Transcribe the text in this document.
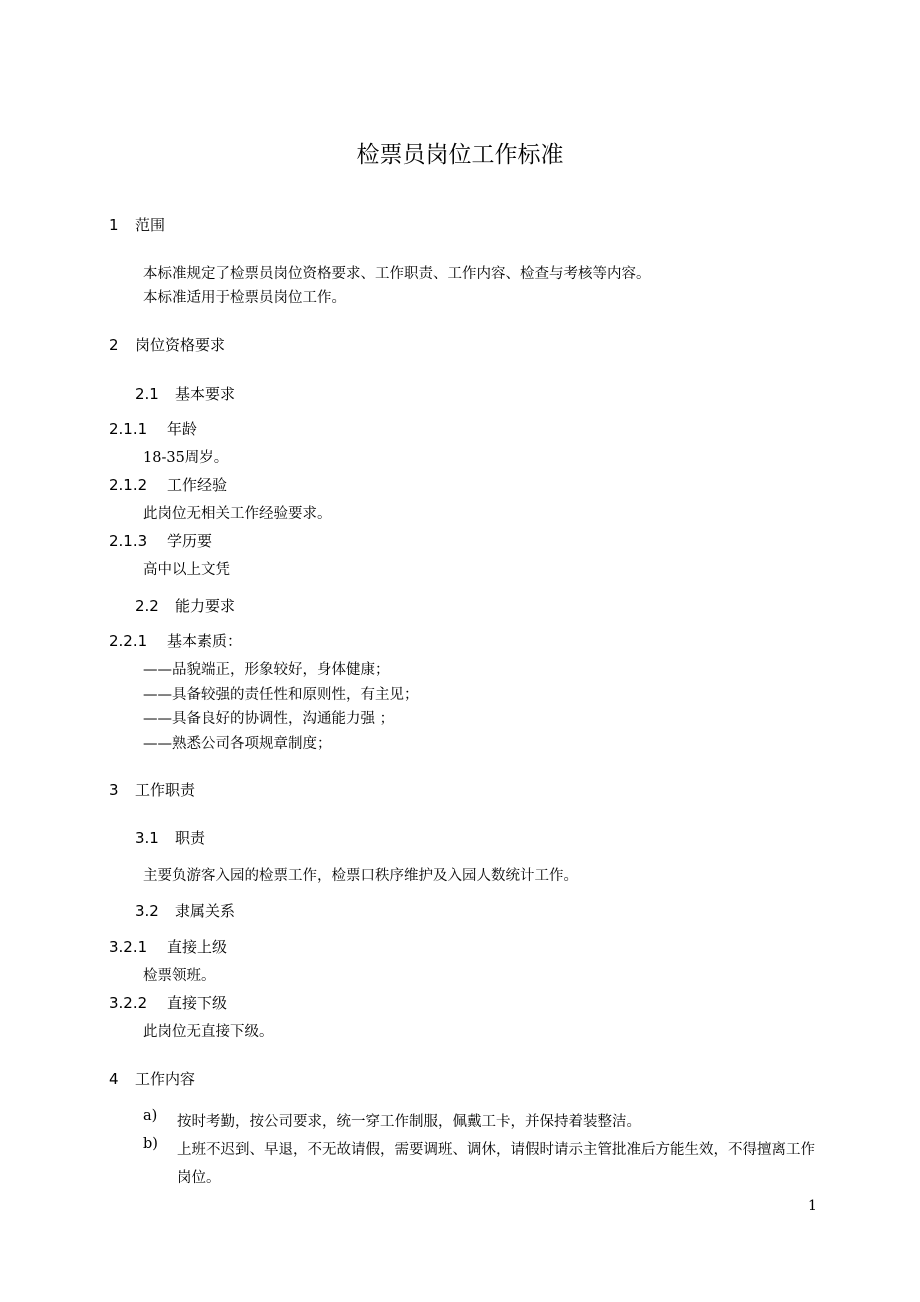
检票员岗位工作标准
1 范围
本标准规定了检票员岗位资格要求、工作职责、工作内容、检查与考核等内容。
本标准适用于检票员岗位工作。
2 岗位资格要求
2.1 基本要求
2.1.1 年龄
18-35周岁。
2.1.2 工作经验
此岗位无相关工作经验要求。
2.1.3 学历要
高中以上文凭
2.2 能力要求
2.2.1 基本素质：
——品貌端正，形象较好，身体健康；
——具备较强的责任性和原则性，有主见；
——具备良好的协调性，沟通能力强 ；
——熟悉公司各项规章制度；
3 工作职责
3.1 职责
主要负游客入园的检票工作，检票口秩序维护及入园人数统计工作。
3.2 隶属关系
3.2.1 直接上级
检票领班。
3.2.2 直接下级
此岗位无直接下级。
4 工作内容
a)	按时考勤，按公司要求，统一穿工作制服，佩戴工卡，并保持着装整洁。
b)	上班不迟到、早退，不无故请假，需要调班、调休，请假时请示主管批准后方能生效，不得擅离工作岗位。
1
